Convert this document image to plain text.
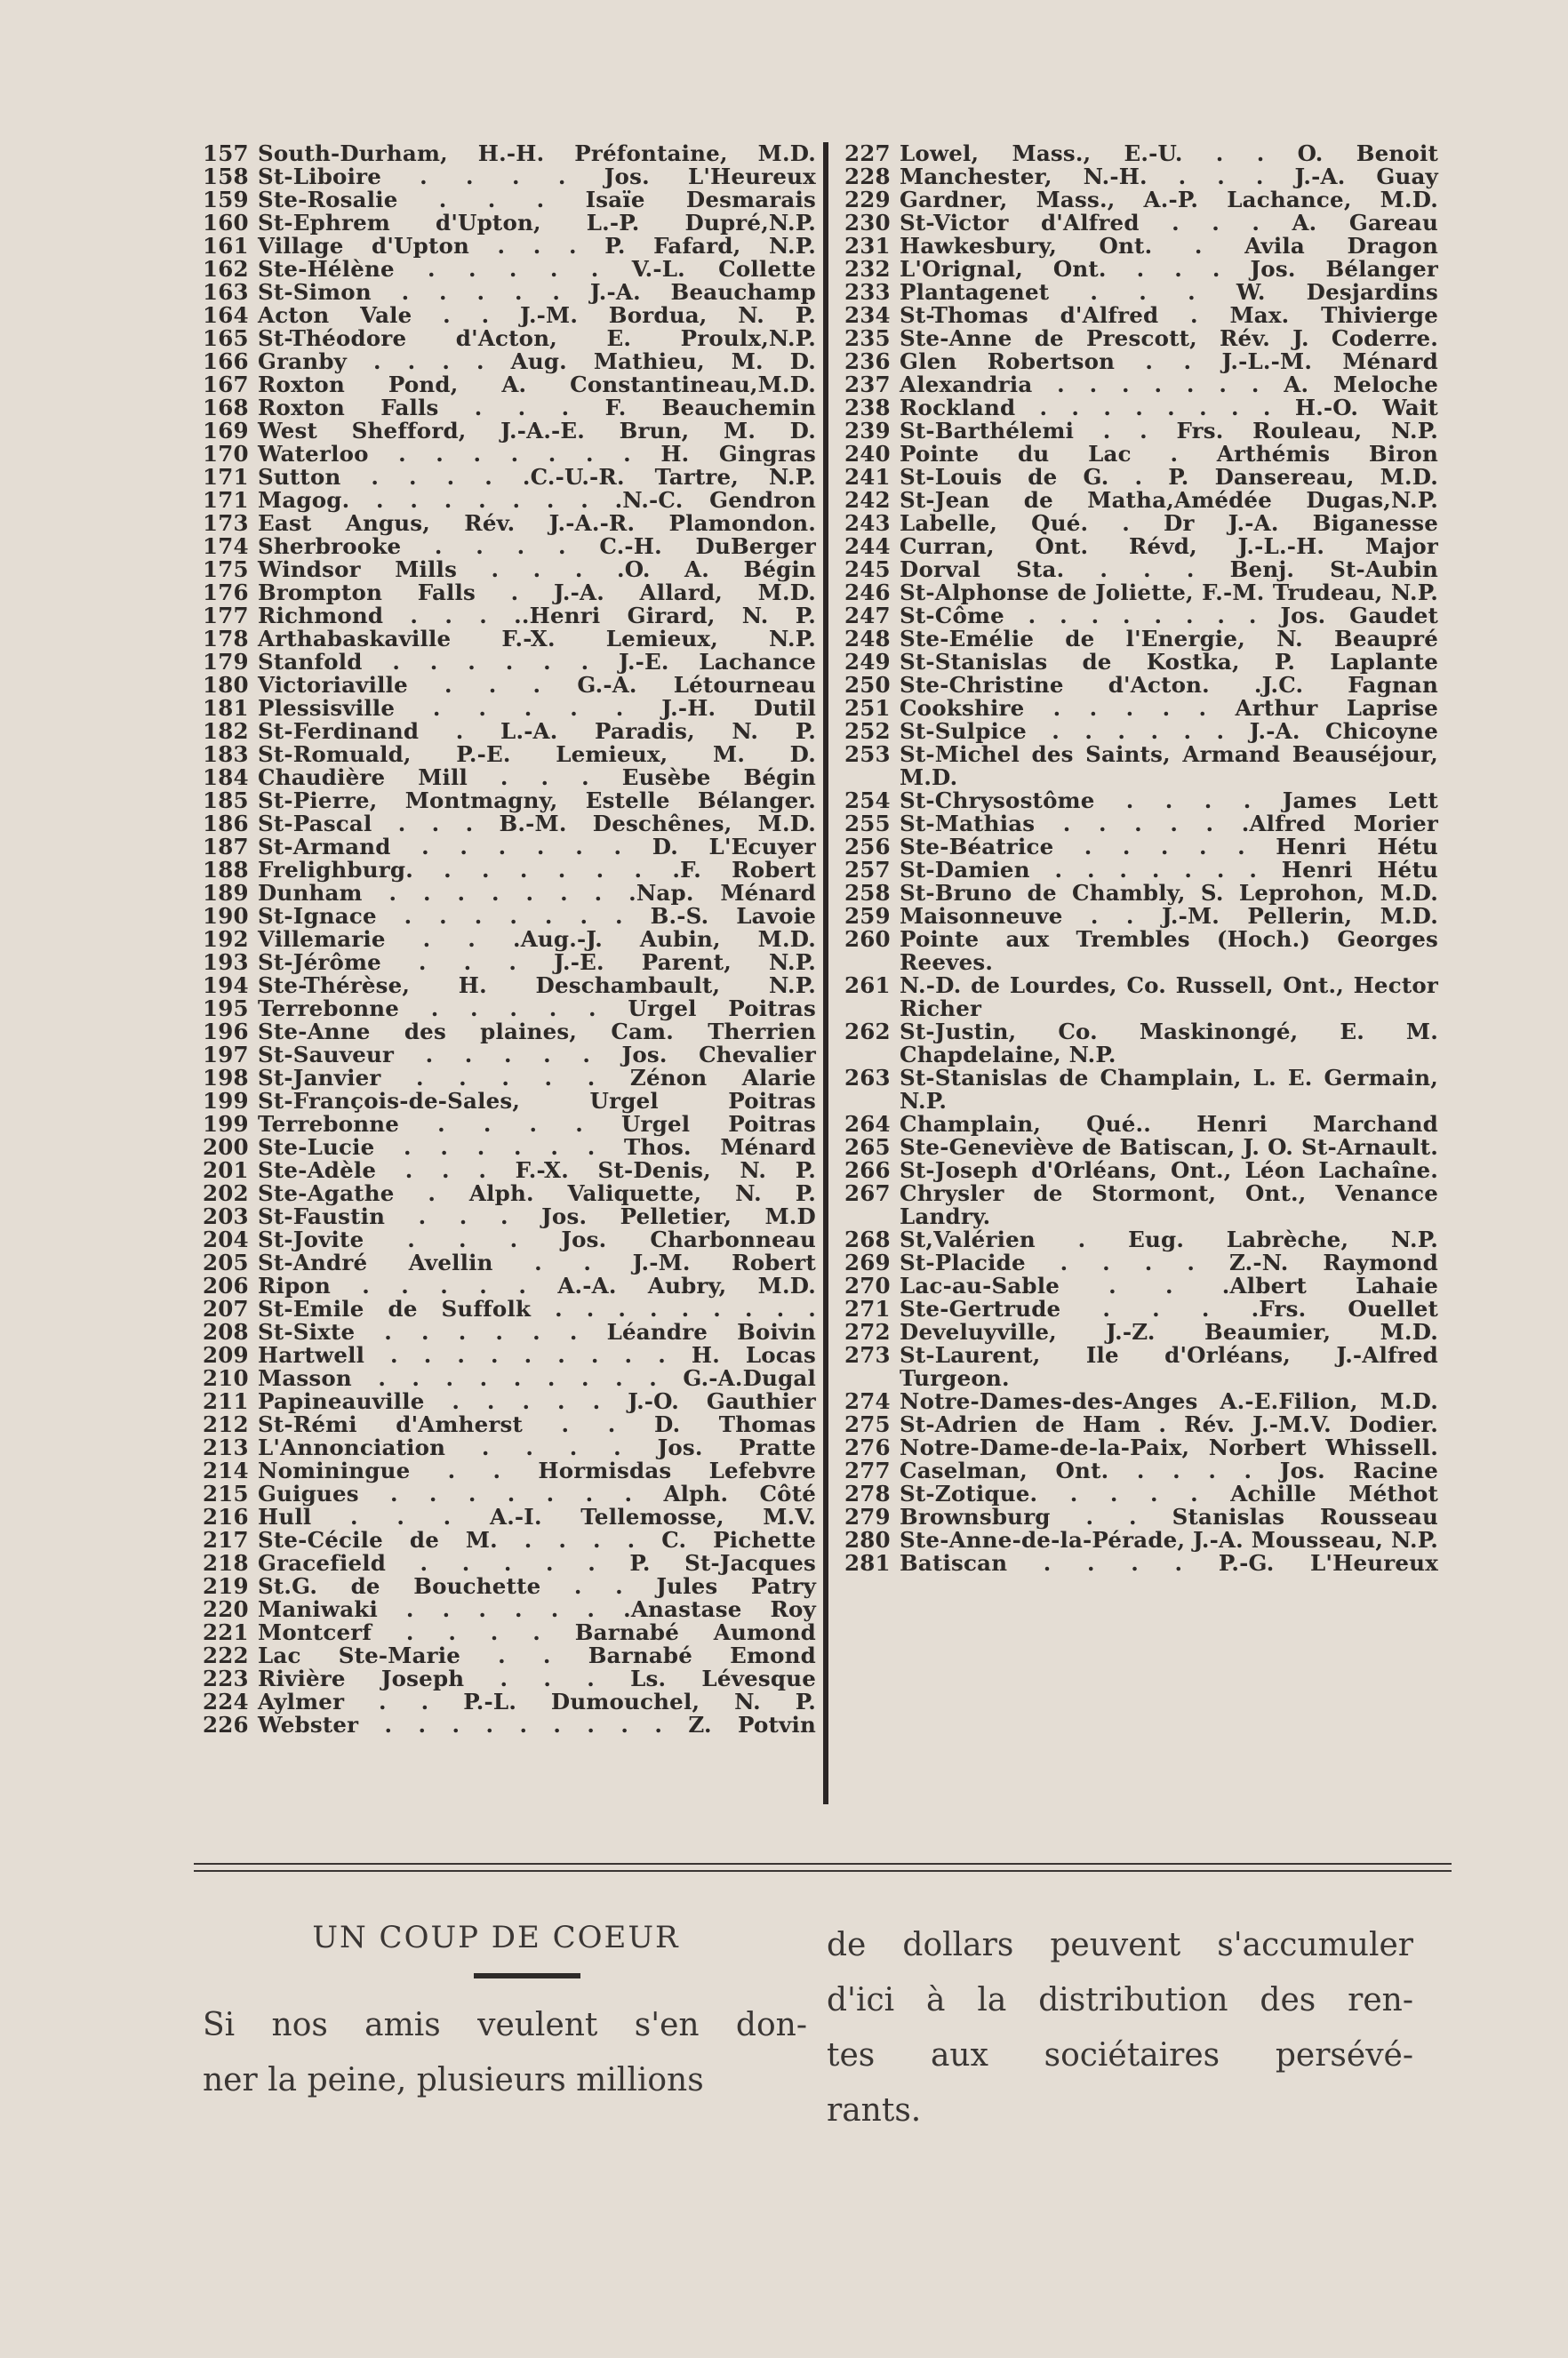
157 South-Durham, H.-H. Préfontaine, M.D.
158 St-Liboire . . . . Jos. L'Heureux
159 Ste-Rosalie . . . Isaïe Desmarais
160 St-Ephrem d'Upton, L.-P. Dupré,N.P.
161 Village d'Upton . . . P. Fafard, N.P.
162 Ste-Hélène . . . . . V.-L. Collette
163 St-Simon . . . . . J.-A. Beauchamp
164 Acton Vale . . J.-M. Bordua, N. P.
165 St-Théodore d'Acton, E. Proulx,N.P.
166 Granby . . . . Aug. Mathieu, M. D.
167 Roxton Pond, A. Constantineau,M.D.
168 Roxton Falls . . . F. Beauchemin
169 West Shefford, J.-A.-E. Brun, M. D.
170 Waterloo . . . . . . . H. Gingras
171 Sutton . . . . .C.-U.-R. Tartre, N.P.
171 Magog. . . . . . . . .N.-C. Gendron
173 East Angus, Rév. J.-A.-R. Plamondon.
174 Sherbrooke . . . . C.-H. DuBerger
175 Windsor Mills . . . .O. A. Bégin
176 Brompton Falls . J.-A. Allard, M.D.
177 Richmond . . . ..Henri Girard, N. P.
178 Arthabaskaville F.-X. Lemieux, N.P.
179 Stanfold . . . . . . J.-E. Lachance
180 Victoriaville . . . G.-A. Létourneau
181 Plessisville . . . . . J.-H. Dutil
182 St-Ferdinand . L.-A. Paradis, N. P.
183 St-Romuald, P.-E. Lemieux, M. D.
184 Chaudière Mill . . . Eusèbe Bégin
185 St-Pierre, Montmagny, Estelle Bélanger.
186 St-Pascal . . . B.-M. Deschênes, M.D.
187 St-Armand . . . . . . D. L'Ecuyer
188 Frelighburg. . . . . . . .F. Robert
189 Dunham . . . . . . . .Nap. Ménard
190 St-Ignace . . . . . . . B.-S. Lavoie
192 Villemarie . . .Aug.-J. Aubin, M.D.
193 St-Jérôme . . . J.-E. Parent, N.P.
194 Ste-Thérèse, H. Deschambault, N.P.
195 Terrebonne . . . . . Urgel Poitras
196 Ste-Anne des plaines, Cam. Therrien
197 St-Sauveur . . . . . Jos. Chevalier
198 St-Janvier . . . . . Zénon Alarie
199 St-François-de-Sales, Urgel Poitras
199 Terrebonne . . . . Urgel Poitras
200 Ste-Lucie . . . . . . Thos. Ménard
201 Ste-Adèle . . . F.-X. St-Denis, N. P.
202 Ste-Agathe . Alph. Valiquette, N. P.
203 St-Faustin . . . Jos. Pelletier, M.D
204 St-Jovite . . . Jos. Charbonneau
205 St-André Avellin . . J.-M. Robert
206 Ripon . . . . . A.-A. Aubry, M.D.
207 St-Emile de Suffolk . . . . . . . . .
208 St-Sixte . . . . . . Léandre Boivin
209 Hartwell . . . . . . . . . H. Locas
210 Masson . . . . . . . . . G.-A.Dugal
211 Papineauville . . . . . J.-O. Gauthier
212 St-Rémi d'Amherst . . D. Thomas
213 L'Annonciation . . . . Jos. Pratte
214 Nominingue . . Hormisdas Lefebvre
215 Guigues . . . . . . . Alph. Côté
216 Hull . . . A.-I. Tellemosse, M.V.
217 Ste-Cécile de M. . . . . C. Pichette
218 Gracefield . . . . . P. St-Jacques
219 St.G. de Bouchette . . Jules Patry
220 Maniwaki . . . . . . .Anastase Roy
221 Montcerf . . . . Barnabé Aumond
222 Lac Ste-Marie . . Barnabé Emond
223 Rivière Joseph . . . Ls. Lévesque
224 Aylmer . . P.-L. Dumouchel, N. P.
226 Webster . . . . . . . . . Z. Potvin
227 Lowel, Mass., E.-U. . . O. Benoit
228 Manchester, N.-H. . . . J.-A. Guay
229 Gardner, Mass., A.-P. Lachance, M.D.
230 St-Victor d'Alfred . . . A. Gareau
231 Hawkesbury, Ont. . Avila Dragon
232 L'Orignal, Ont. . . . Jos. Bélanger
233 Plantagenet . . . W. Desjardins
234 St-Thomas d'Alfred . Max. Thivierge
235 Ste-Anne de Prescott, Rév. J. Coderre.
236 Glen Robertson . . J.-L.-M. Ménard
237 Alexandria . . . . . . . A. Meloche
238 Rockland . . . . . . . . H.-O. Wait
239 St-Barthélemi . . Frs. Rouleau, N.P.
240 Pointe du Lac . Arthémis Biron
241 St-Louis de G. . P. Dansereau, M.D.
242 St-Jean de Matha,Amédée Dugas,N.P.
243 Labelle, Qué. . Dr J.-A. Biganesse
244 Curran, Ont. Révd, J.-L.-H. Major
245 Dorval Sta. . . . Benj. St-Aubin
246 St-Alphonse de Joliette, F.-M. Trudeau, N.P.
247 St-Côme . . . . . . . . Jos. Gaudet
248 Ste-Emélie de l'Energie, N. Beaupré
249 St-Stanislas de Kostka, P. Laplante
250 Ste-Christine d'Acton. .J.C. Fagnan
251 Cookshire . . . . . Arthur Laprise
252 St-Sulpice . . . . . . J.-A. Chicoyne
253 St-Michel des Saints, Armand Beauséjour, M.D.
254 St-Chrysostôme . . . . James Lett
255 St-Mathias . . . . . .Alfred Morier
256 Ste-Béatrice . . . . . Henri Hétu
257 St-Damien . . . . . . . Henri Hétu
258 St-Bruno de Chambly, S. Leprohon, M.D.
259 Maisonneuve . . J.-M. Pellerin, M.D.
260 Pointe aux Trembles (Hoch.) Georges Reeves.
261 N.-D. de Lourdes, Co. Russell, Ont., Hector Richer
262 St-Justin, Co. Maskinongé, E. M. Chapdelaine, N.P.
263 St-Stanislas de Champlain, L. E. Germain, N.P.
264 Champlain, Qué.. Henri Marchand
265 Ste-Geneviève de Batiscan, J. O. St-Arnault.
266 St-Joseph d'Orléans, Ont., Léon Lachaîne.
267 Chrysler de Stormont, Ont., Venance Landry.
268 St,Valérien . Eug. Labrèche, N.P.
269 St-Placide . . . . Z.-N. Raymond
270 Lac-au-Sable . . .Albert Lahaie
271 Ste-Gertrude . . . .Frs. Ouellet
272 Develuyville, J.-Z. Beaumier, M.D.
273 St-Laurent, Ile d'Orléans, J.-Alfred Turgeon.
274 Notre-Dames-des-Anges A.-E.Filion, M.D.
275 St-Adrien de Ham . Rév. J.-M.V. Dodier.
276 Notre-Dame-de-la-Paix, Norbert Whissell.
277 Caselman, Ont. . . . . Jos. Racine
278 St-Zotique. . . . . Achille Méthot
279 Brownsburg . . Stanislas Rousseau
280 Ste-Anne-de-la-Pérade, J.-A. Mousseau, N.P.
281 Batiscan . . . . P.-G. L'Heureux
UN COUP DE COEUR
Si nos amis veulent s'en don-
ner la peine, plusieurs millions
de dollars peuvent s'accumuler
d'ici à la distribution des ren-
tes aux sociétaires persévé-
rants.
